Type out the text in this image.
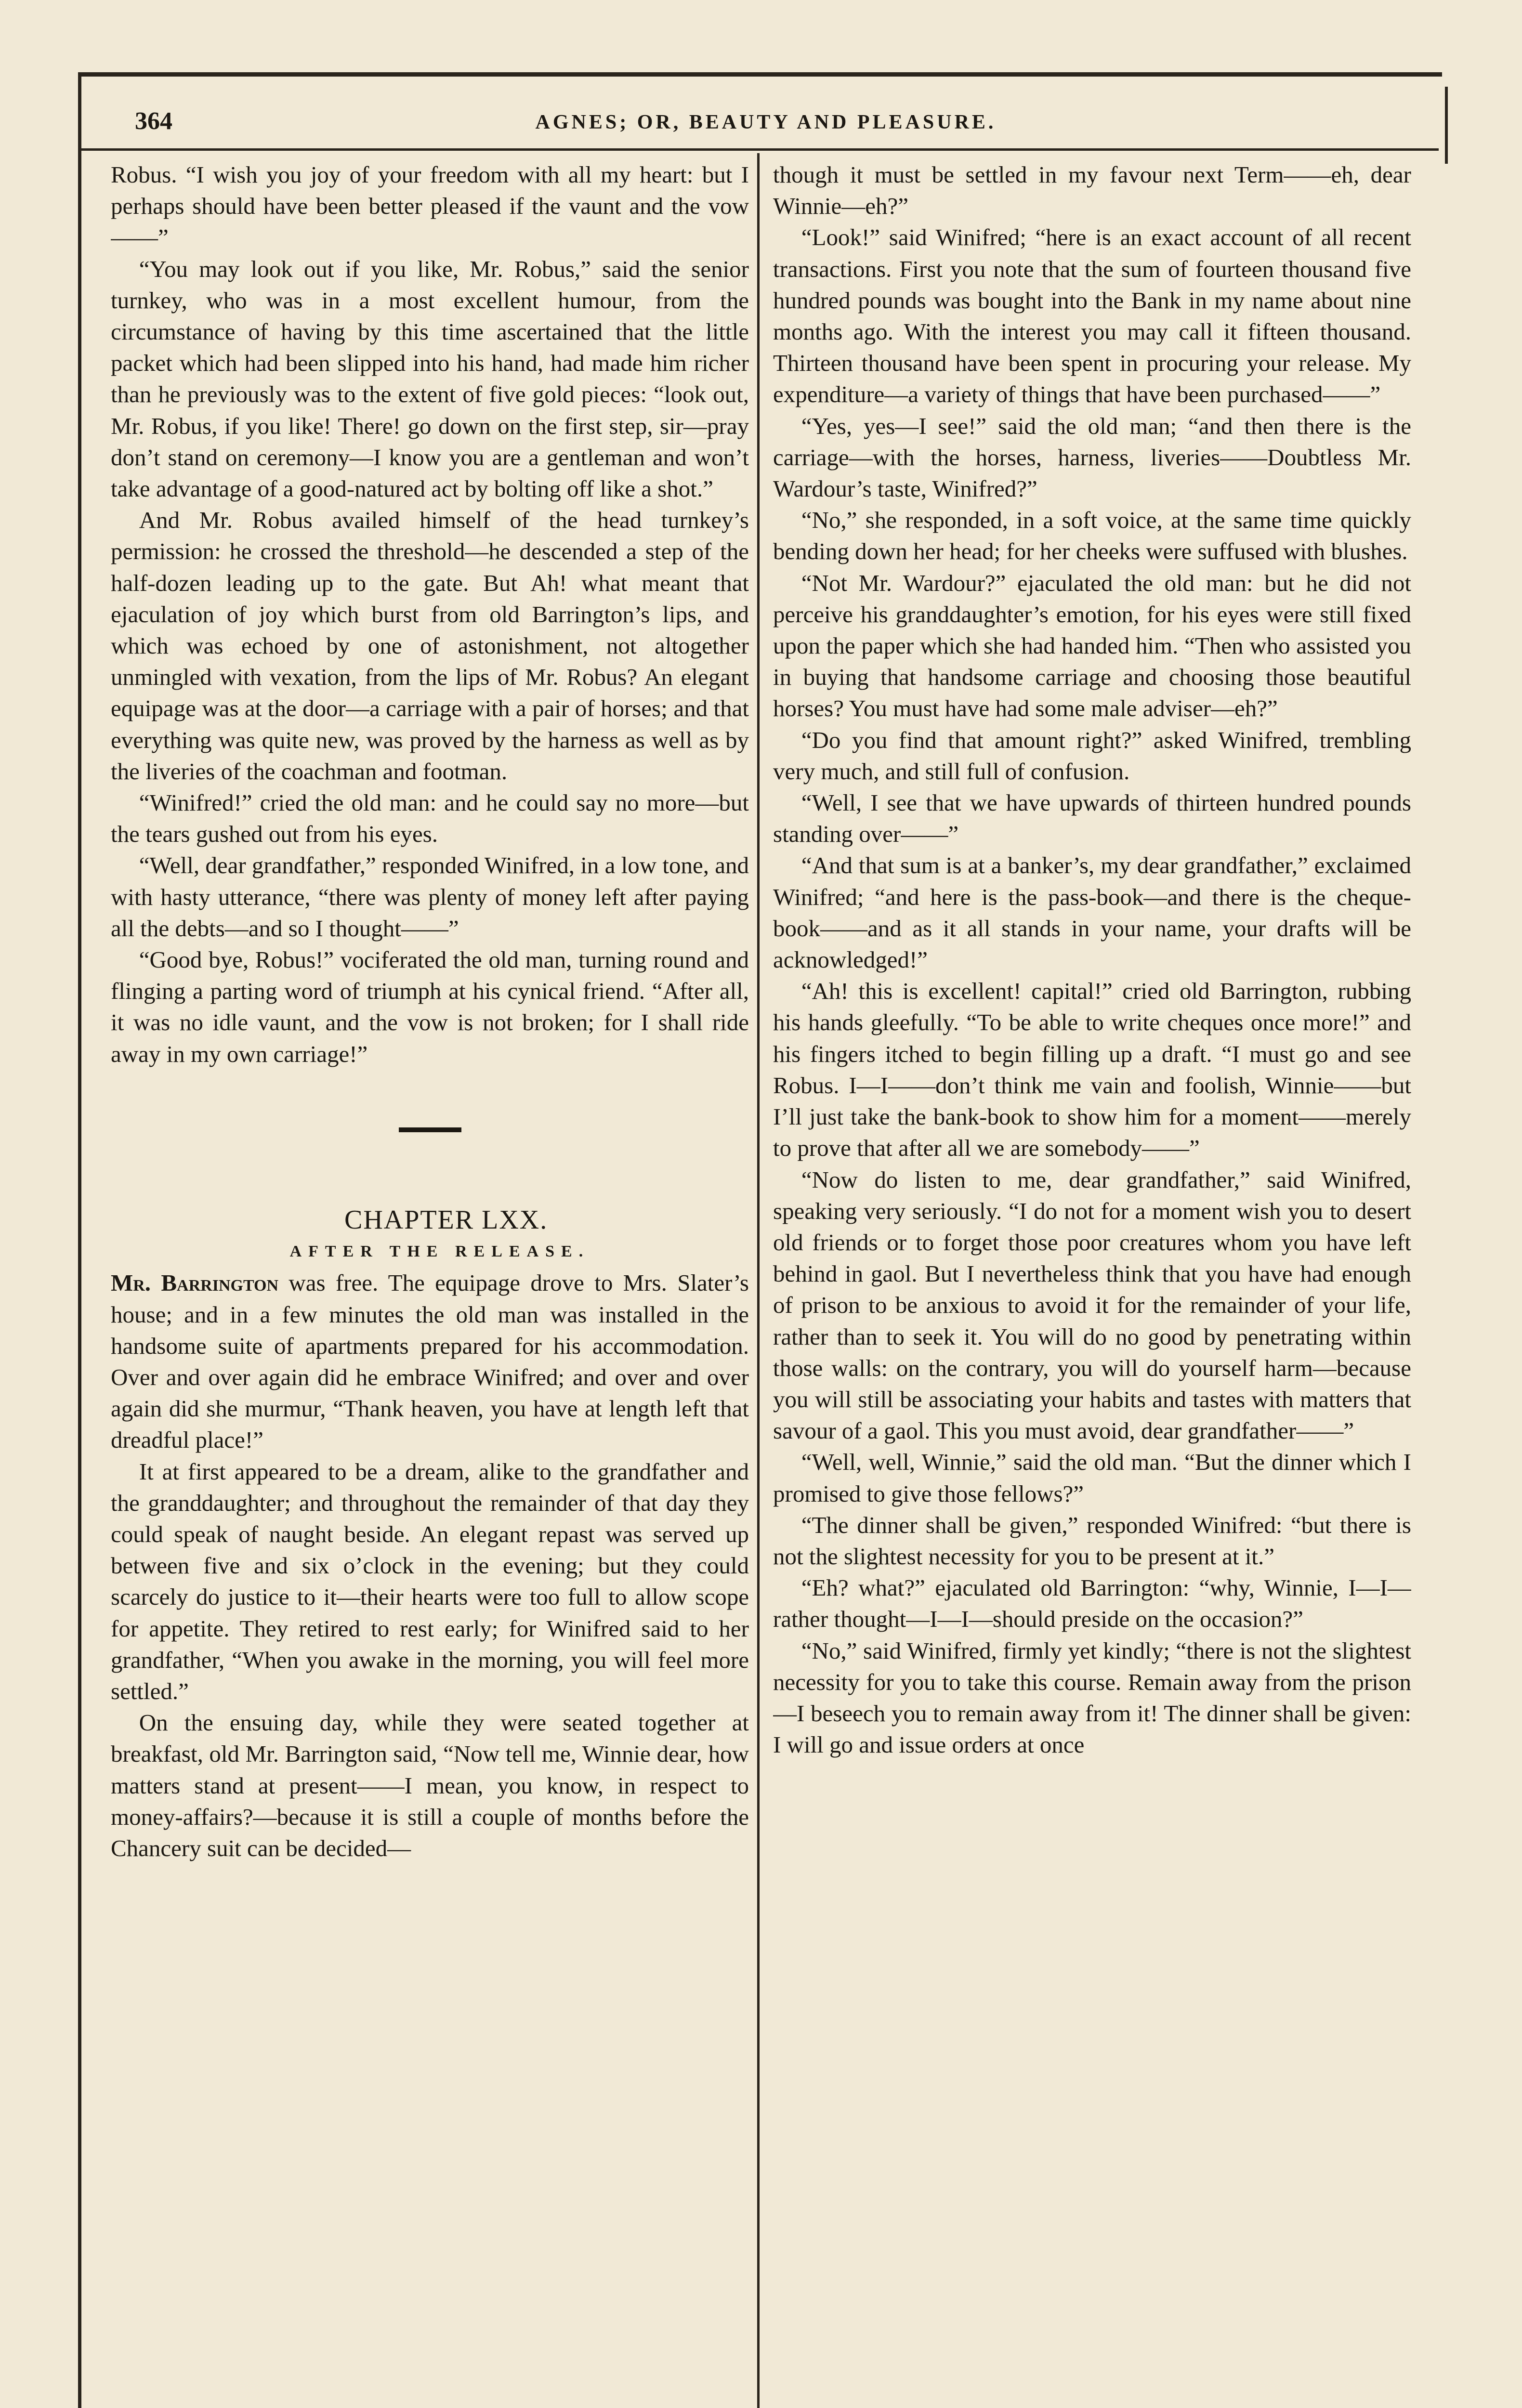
364	AGNES; OR, BEAUTY AND PLEASURE.

Robus. “I wish you joy of your freedom with all my heart: but I perhaps should have been better pleased if the vaunt and the vow——”

“You may look out if you like, Mr. Robus,” said the senior turnkey, who was in a most excellent humour, from the circumstance of having by this time ascertained that the little packet which had been slipped into his hand, had made him richer than he previously was to the extent of five gold pieces: “look out, Mr. Robus, if you like! There! go down on the first step, sir—pray don’t stand on ceremony—I know you are a gentleman and won’t take advantage of a good-natured act by bolting off like a shot.”

And Mr. Robus availed himself of the head turnkey’s permission: he crossed the threshold—he descended a step of the half-dozen leading up to the gate. But Ah! what meant that ejaculation of joy which burst from old Barrington’s lips, and which was echoed by one of astonishment, not altogether unmingled with vexation, from the lips of Mr. Robus? An elegant equipage was at the door—a carriage with a pair of horses; and that everything was quite new, was proved by the harness as well as by the liveries of the coachman and footman.

“Winifred!” cried the old man: and he could say no more—but the tears gushed out from his eyes.

“Well, dear grandfather,” responded Winifred, in a low tone, and with hasty utterance, “there was plenty of money left after paying all the debts—and so I thought——”

“Good bye, Robus!” vociferated the old man, turning round and flinging a parting word of triumph at his cynical friend. “After all, it was no idle vaunt, and the vow is not broken; for I shall ride away in my own carriage!”

CHAPTER LXX.

AFTER THE RELEASE.

Mr. Barrington was free. The equipage drove to Mrs. Slater’s house; and in a few minutes the old man was installed in the handsome suite of apartments prepared for his accommodation. Over and over again did he embrace Winifred; and over and over again did she murmur, “Thank heaven, you have at length left that dreadful place!”

It at first appeared to be a dream, alike to the grandfather and the granddaughter; and throughout the remainder of that day they could speak of naught beside. An elegant repast was served up between five and six o’clock in the evening; but they could scarcely do justice to it—their hearts were too full to allow scope for appetite. They retired to rest early; for Winifred said to her grandfather, “When you awake in the morning, you will feel more settled.”

On the ensuing day, while they were seated together at breakfast, old Mr. Barrington said, “Now tell me, Winnie dear, how matters stand at present——I mean, you know, in respect to money-affairs?—because it is still a couple of months before the Chancery suit can be decided—

though it must be settled in my favour next Term——eh, dear Winnie—eh?”

“Look!” said Winifred; “here is an exact account of all recent transactions. First you note that the sum of fourteen thousand five hundred pounds was bought into the Bank in my name about nine months ago. With the interest you may call it fifteen thousand. Thirteen thousand have been spent in procuring your release. My expenditure—a variety of things that have been purchased——”

“Yes, yes—I see!” said the old man; “and then there is the carriage—with the horses, harness, liveries——Doubtless Mr. Wardour’s taste, Winifred?”

“No,” she responded, in a soft voice, at the same time quickly bending down her head; for her cheeks were suffused with blushes.

“Not Mr. Wardour?” ejaculated the old man: but he did not perceive his granddaughter’s emotion, for his eyes were still fixed upon the paper which she had handed him. “Then who assisted you in buying that handsome carriage and choosing those beautiful horses? You must have had some male adviser—eh?”

“Do you find that amount right?” asked Winifred, trembling very much, and still full of confusion.

“Well, I see that we have upwards of thirteen hundred pounds standing over——”

“And that sum is at a banker’s, my dear grandfather,” exclaimed Winifred; “and here is the pass-book—and there is the cheque-book——and as it all stands in your name, your drafts will be acknowledged!”

“Ah! this is excellent! capital!” cried old Barrington, rubbing his hands gleefully. “To be able to write cheques once more!” and his fingers itched to begin filling up a draft. “I must go and see Robus. I—I——don’t think me vain and foolish, Winnie——but I’ll just take the bank-book to show him for a moment——merely to prove that after all we are somebody——”

“Now do listen to me, dear grandfather,” said Winifred, speaking very seriously. “I do not for a moment wish you to desert old friends or to forget those poor creatures whom you have left behind in gaol. But I nevertheless think that you have had enough of prison to be anxious to avoid it for the remainder of your life, rather than to seek it. You will do no good by penetrating within those walls: on the contrary, you will do yourself harm—because you will still be associating your habits and tastes with matters that savour of a gaol. This you must avoid, dear grandfather——”

“Well, well, Winnie,” said the old man. “But the dinner which I promised to give those fellows?”

“The dinner shall be given,” responded Winifred: “but there is not the slightest necessity for you to be present at it.”

“Eh? what?” ejaculated old Barrington: “why, Winnie, I—I—rather thought—I—I—should preside on the occasion?”

“No,” said Winifred, firmly yet kindly; “there is not the slightest necessity for you to take this course. Remain away from the prison—I beseech you to remain away from it! The dinner shall be given: I will go and issue orders at once
